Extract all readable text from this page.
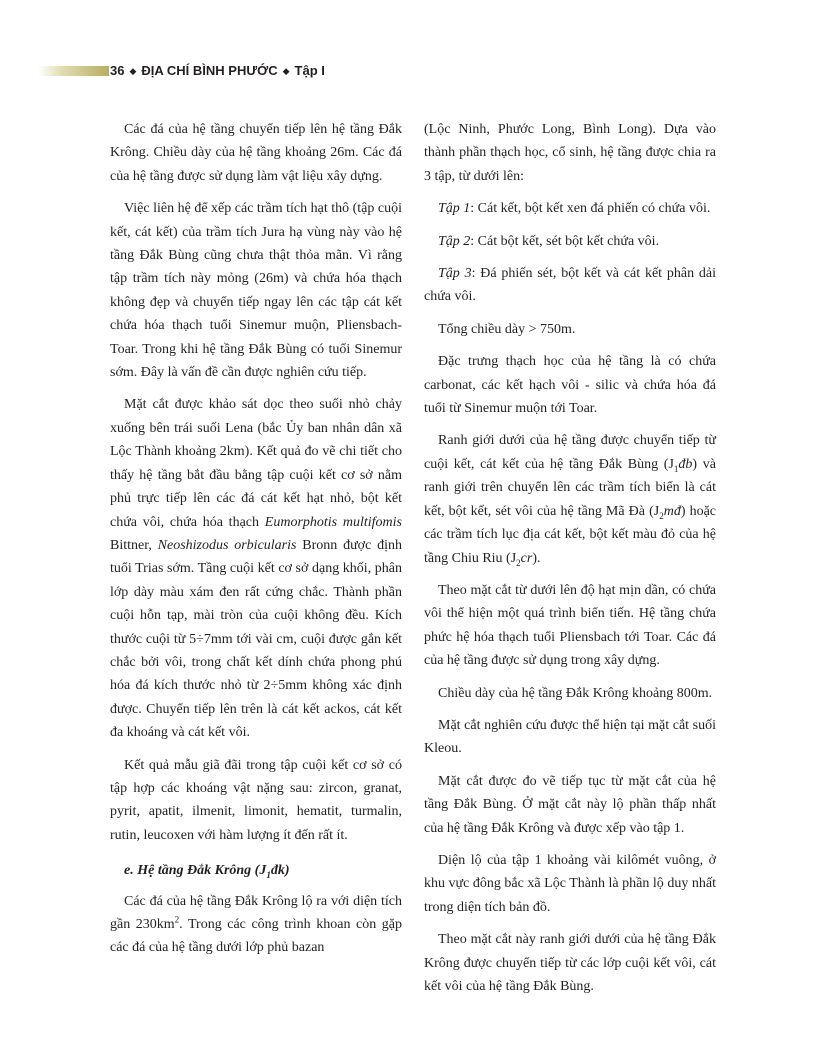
36 ◆ ĐỊA CHÍ BÌNH PHƯỚC ◆ Tập I

Các đá của hệ tầng chuyển tiếp lên hệ tầng Đắk Krông. Chiều dày của hệ tầng khoảng 26m. Các đá của hệ tầng được sử dụng làm vật liệu xây dựng.

Việc liên hệ để xếp các trầm tích hạt thô (tập cuội kết, cát kết) của trầm tích Jura hạ vùng này vào hệ tầng Đắk Bùng cũng chưa thật thỏa mãn. Vì rằng tập trầm tích này mỏng (26m) và chứa hóa thạch không đẹp và chuyển tiếp ngay lên các tập cát kết chứa hóa thạch tuổi Sinemur muộn, Pliensbach-Toar. Trong khi hệ tầng Đắk Bùng có tuổi Sinemur sớm. Đây là vấn đề cần được nghiên cứu tiếp.

Mặt cắt được khảo sát dọc theo suối nhỏ chảy xuống bên trái suối Lena (bắc Ủy ban nhân dân xã Lộc Thành khoảng 2km). Kết quả đo vẽ chi tiết cho thấy hệ tầng bắt đầu bằng tập cuội kết cơ sở nằm phủ trực tiếp lên các đá cát kết hạt nhỏ, bột kết chứa vôi, chứa hóa thạch Eumorphotis multifomis Bittner, Neoshizodus orbicularis Bronn được định tuổi Trias sớm. Tầng cuội kết cơ sở dạng khối, phân lớp dày màu xám đen rất cứng chắc. Thành phần cuội hỗn tạp, mài tròn của cuội không đều. Kích thước cuội từ 5÷7mm tới vài cm, cuội được gắn kết chắc bởi vôi, trong chất kết dính chứa phong phú hóa đá kích thước nhỏ từ 2÷5mm không xác định được. Chuyển tiếp lên trên là cát kết ackos, cát kết đa khoáng và cát kết vôi.

Kết quả mẫu giã đãi trong tập cuội kết cơ sở có tập hợp các khoáng vật nặng sau: zircon, granat, pyrit, apatit, ilmenit, limonit, hematit, turmalin, rutin, leucoxen với hàm lượng ít đến rất ít.

e. Hệ tầng Đắk Krông $(J_1đk)$

Các đá của hệ tầng Đắk Krông lộ ra với diện tích gần $230km^2$. Trong các công trình khoan còn gặp các đá của hệ tầng dưới lớp phủ bazan

(Lộc Ninh, Phước Long, Bình Long). Dựa vào thành phần thạch học, cổ sinh, hệ tầng được chia ra 3 tập, từ dưới lên:

Tập 1: Cát kết, bột kết xen đá phiến có chứa vôi.

Tập 2: Cát bột kết, sét bột kết chứa vôi.

Tập 3: Đá phiến sét, bột kết và cát kết phân dải chứa vôi.

Tổng chiều dày > 750m.

Đặc trưng thạch học của hệ tầng là có chứa carbonat, các kết hạch vôi - silic và chứa hóa đá tuổi từ Sinemur muộn tới Toar.

Ranh giới dưới của hệ tầng được chuyển tiếp từ cuội kết, cát kết của hệ tầng Đắk Bùng $(J_1đb)$ và ranh giới trên chuyển lên các trầm tích biển là cát kết, bột kết, sét vôi của hệ tầng Mã Đà $(J_2mđ)$ hoặc các trầm tích lục địa cát kết, bột kết màu đỏ của hệ tầng Chiu Riu $(J_2cr)$.

Theo mặt cắt từ dưới lên độ hạt mịn dần, có chứa vôi thể hiện một quá trình biển tiến. Hệ tầng chứa phức hệ hóa thạch tuổi Pliensbach tới Toar. Các đá của hệ tầng được sử dụng trong xây dựng.

Chiều dày của hệ tầng Đắk Krông khoảng 800m.

Mặt cắt nghiên cứu được thể hiện tại mặt cắt suối Kleou.

Mặt cắt được đo vẽ tiếp tục từ mặt cắt của hệ tầng Đắk Bùng. Ở mặt cắt này lộ phần thấp nhất của hệ tầng Đắk Krông và được xếp vào tập 1.

Diện lộ của tập 1 khoảng vài kilômét vuông, ở khu vực đông bắc xã Lộc Thành là phần lộ duy nhất trong diện tích bản đồ.

Theo mặt cắt này ranh giới dưới của hệ tầng Đắk Krông được chuyển tiếp từ các lớp cuội kết vôi, cát kết vôi của hệ tầng Đắk Bùng.
